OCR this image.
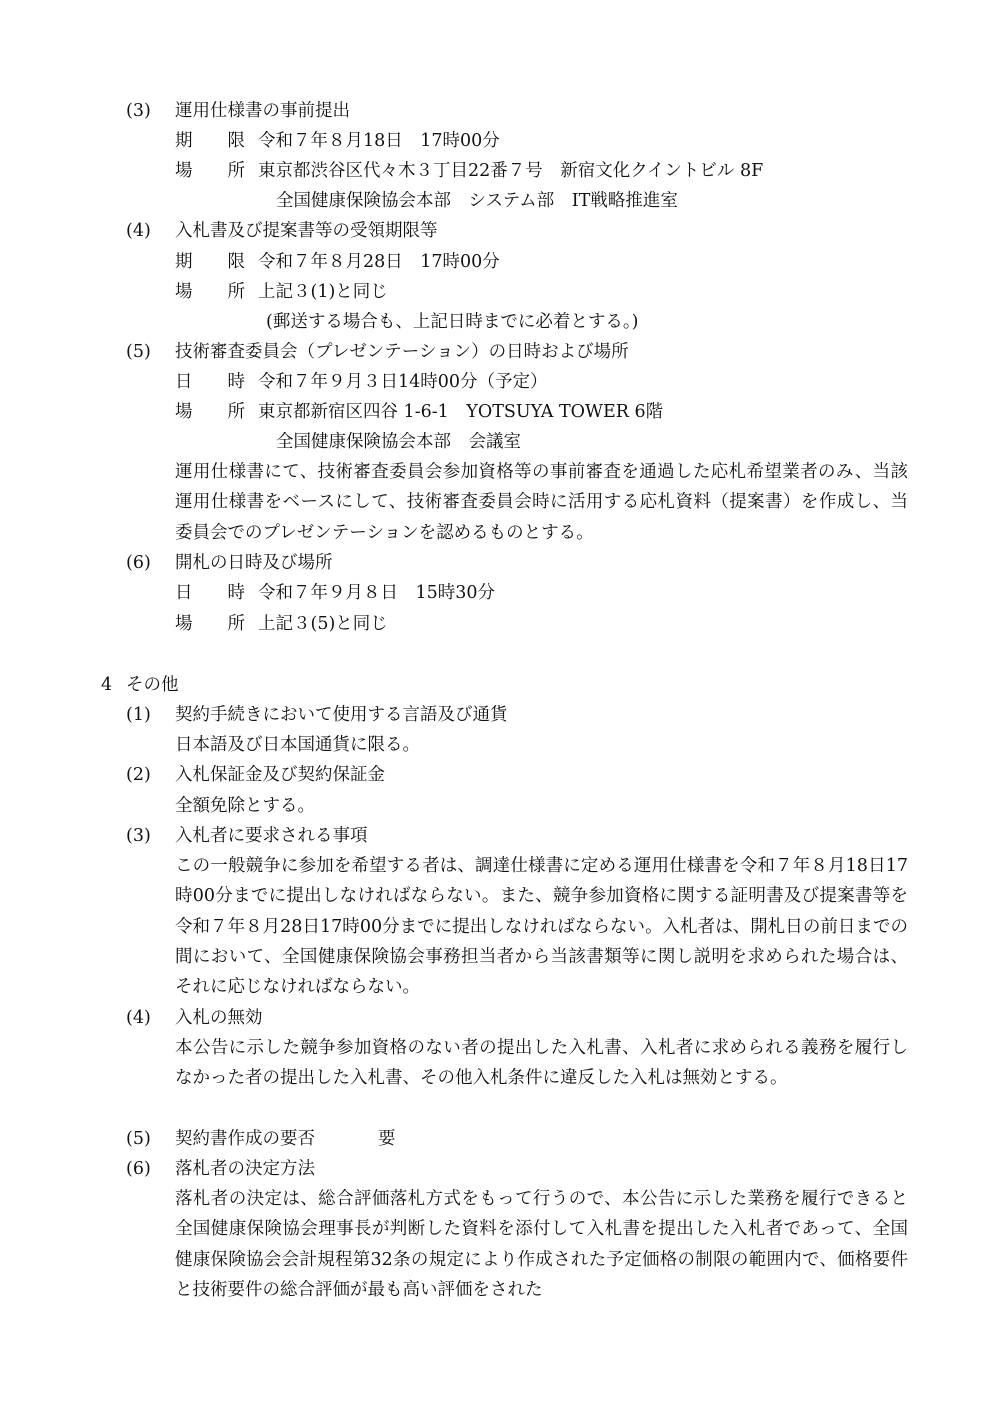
(3) 運用仕様書の事前提出
期　　限 令和７年８月18日　17時00分
場　　所 東京都渋谷区代々木３丁目22番７号　新宿文化クイントビル 8F
全国健康保険協会本部　システム部　IT戦略推進室
(4) 入札書及び提案書等の受領期限等
期　　限 令和７年８月28日　17時00分
場　　所 上記３(1)と同じ
(郵送する場合も、上記日時までに必着とする。)
(5) 技術審査委員会（プレゼンテーション）の日時および場所
日　　時 令和７年９月３日14時00分（予定）
場　　所 東京都新宿区四谷 1-6-1　YOTSUYA TOWER 6階
全国健康保険協会本部　会議室
運用仕様書にて、技術審査委員会参加資格等の事前審査を通過した応札希望業者のみ、当該運用仕様書をベースにして、技術審査委員会時に活用する応札資料（提案書）を作成し、当委員会でのプレゼンテーションを認めるものとする。
(6) 開札の日時及び場所
日　　時 令和７年９月８日　15時30分
場　　所 上記３(5)と同じ
4 その他
(1) 契約手続きにおいて使用する言語及び通貨
日本語及び日本国通貨に限る。
(2) 入札保証金及び契約保証金
全額免除とする。
(3) 入札者に要求される事項
この一般競争に参加を希望する者は、調達仕様書に定める運用仕様書を令和７年８月18日17時00分までに提出しなければならない。また、競争参加資格に関する証明書及び提案書等を令和７年８月28日17時00分までに提出しなければならない。入札者は、開札日の前日までの間において、全国健康保険協会事務担当者から当該書類等に関し説明を求められた場合は、それに応じなければならない。
(4) 入札の無効
本公告に示した競争参加資格のない者の提出した入札書、入札者に求められる義務を履行しなかった者の提出した入札書、その他入札条件に違反した入札は無効とする。
(5) 契約書作成の要否	要
(6) 落札者の決定方法
落札者の決定は、総合評価落札方式をもって行うので、本公告に示した業務を履行できると全国健康保険協会理事長が判断した資料を添付して入札書を提出した入札者であって、全国健康保険協会会計規程第32条の規定により作成された予定価格の制限の範囲内で、価格要件と技術要件の総合評価が最も高い評価をされた
